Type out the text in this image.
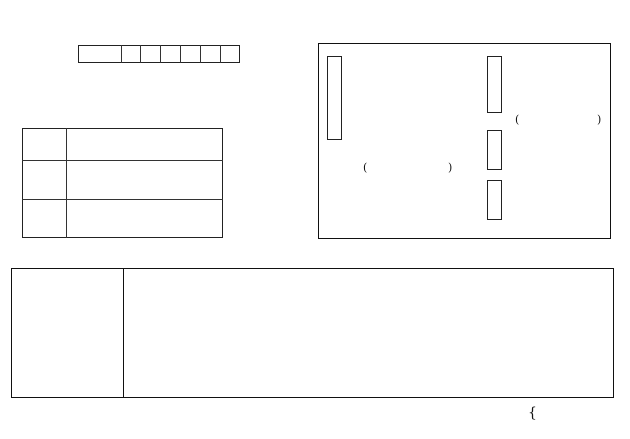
(	)
(	)
{
